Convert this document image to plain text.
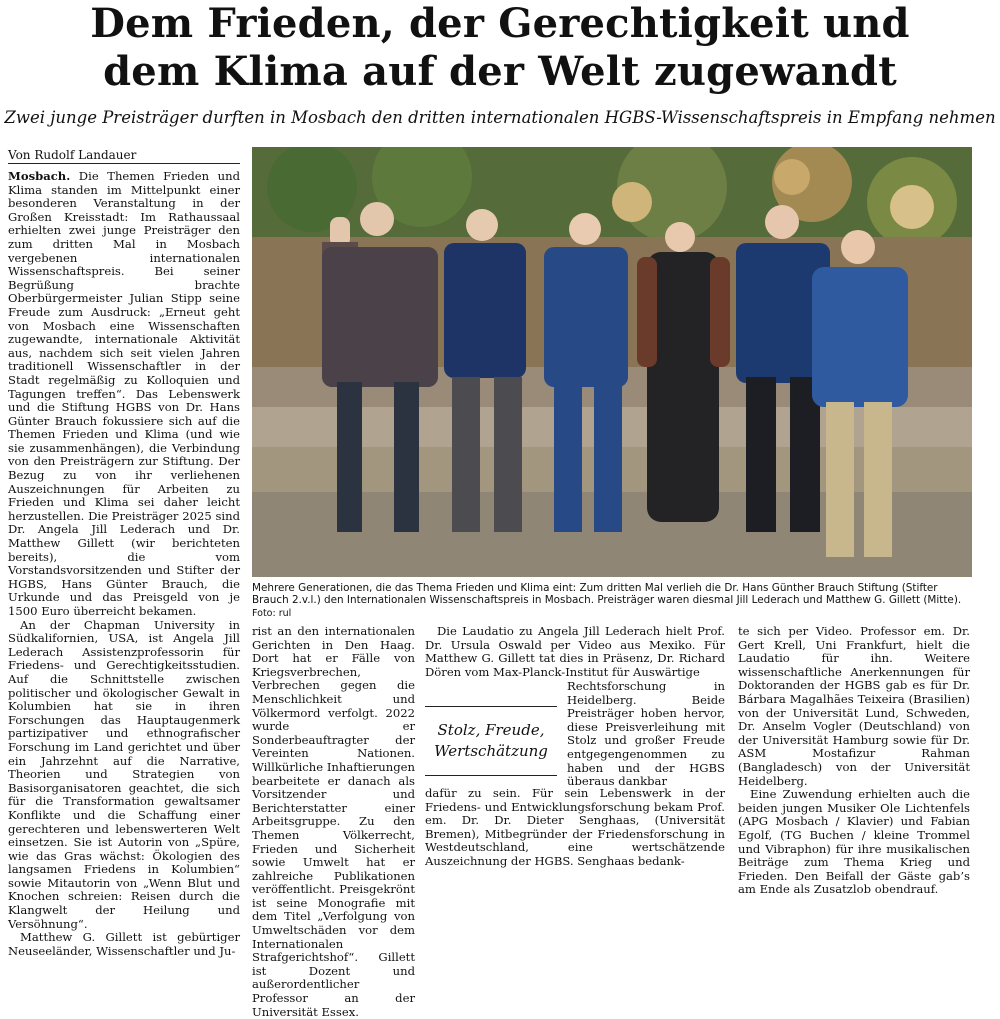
Dem Frieden, der Gerechtigkeit und
dem Klima auf der Welt zugewandt
Zwei junge Preisträger durften in Mosbach den dritten internationalen HGBS-Wissenschaftspreis in Empfang nehmen
Von Rudolf Landauer

Mosbach. Die Themen Frieden und Klima standen im Mittelpunkt einer besonderen Veranstaltung in der Großen Kreisstadt: Im Rathaussaal erhielten zwei junge Preisträger den zum dritten Mal in Mosbach vergebenen internationalen Wissenschaftspreis. Bei seiner Begrüßung brachte Oberbürgermeister Julian Stipp seine Freude zum Ausdruck: „Erneut geht von Mosbach eine Wissenschaften zugewandte, internationale Aktivität aus, nachdem sich seit vielen Jahren traditionell Wissenschaftler in der Stadt regelmäßig zu Kolloquien und Tagungen treffen“. Das Lebenswerk und die Stiftung HGBS von Dr. Hans Günter Brauch fokussiere sich auf die Themen Frieden und Klima (und wie sie zusammenhängen), die Verbindung von den Preisträgern zur Stiftung. Der Bezug zu von ihr verliehenen Auszeichnungen für Arbeiten zu Frieden und Klima sei daher leicht herzustellen. Die Preisträger 2025 sind Dr. Angela Jill Lederach und Dr. Matthew Gillett (wir berichteten bereits), die vom Vorstandsvorsitzenden und Stifter der HGBS, Hans Günter Brauch, die Urkunde und das Preisgeld von je 1500 Euro überreicht bekamen.

An der Chapman University in Südkalifornien, USA, ist Angela Jill Lederach Assistenzprofessorin für Friedens- und Gerechtigkeitsstudien. Auf die Schnittstelle zwischen politischer und ökologischer Gewalt in Kolumbien hat sie in ihren Forschungen das Hauptaugenmerk partizipativer und ethnografischer Forschung im Land gerichtet und über ein Jahrzehnt auf die Narrative, Theorien und Strategien von Basisorganisatoren geachtet, die sich für die Transformation gewaltsamer Konflikte und die Schaffung einer gerechteren und lebenswerteren Welt einsetzen. Sie ist Autorin von „Spüre, wie das Gras wächst: Ökologien des langsamen Friedens in Kolumbien“ sowie Mitautorin von „Wenn Blut und Knochen schreien: Reisen durch die Klangwelt der Heilung und Versöhnung“.

Matthew G. Gillett ist gebürtiger Neuseeländer, Wissenschaftler und Ju-

Mehrere Generationen, die das Thema Frieden und Klima eint: Zum dritten Mal verlieh die Dr. Hans Günther Brauch Stiftung (Stifter Brauch 2.v.l.) den Internationalen Wissenschaftspreis in Mosbach. Preisträger waren diesmal Jill Lederach und Matthew G. Gillett (Mitte). Foto: rul

rist an den internationalen Gerichten in Den Haag. Dort hat er Fälle von Kriegsverbrechen, Verbrechen gegen die Menschlichkeit und Völkermord verfolgt. 2022 wurde er Sonderbeauftragter der Vereinten Nationen. Willkürliche Inhaftierungen bearbeitete er danach als Vorsitzender und Berichterstatter einer Arbeitsgruppe. Zu den Themen Völkerrecht, Frieden und Sicherheit sowie Umwelt hat er zahlreiche Publikationen veröffentlicht. Preisgekrönt ist seine Monografie mit dem Titel „Verfolgung von Umweltschäden vor dem Internationalen Strafgerichtshof“. Gillett ist Dozent und außerordentlicher Professor an der Universität Essex.

Die Laudatio zu Angela Jill Lederach hielt Prof. Dr. Ursula Oswald per Video aus Mexiko. Für Matthew G. Gillett tat dies in Präsenz, Dr. Richard Dören vom Max-Planck-Institut für Auswärtige

Rechtsforschung in Heidelberg. Beide Preisträger hoben hervor, diese Preisverleihung mit Stolz und großer Freude entgegengenommen zu haben und der HGBS überaus dankbar

Stolz, Freude,
Wertschätzung

dafür zu sein. Für sein Lebenswerk in der Friedens- und Entwicklungsforschung bekam Prof. em. Dr. Dr. Dieter Senghaas, (Universität Bremen), Mitbegründer der Friedensforschung in Westdeutschland, eine wertschätzende Auszeichnung der HGBS. Senghaas bedank-

te sich per Video. Professor em. Dr. Gert Krell, Uni Frankfurt, hielt die Laudatio für ihn. Weitere wissenschaftliche Anerkennungen für Doktoranden der HGBS gab es für Dr. Bárbara Magalhães Teixeira (Brasilien) von der Universität Lund, Schweden, Dr. Anselm Vogler (Deutschland) von der Universität Hamburg sowie für Dr. ASM Mostafizur Rahman (Bangladesch) von der Universität Heidelberg.

Eine Zuwendung erhielten auch die beiden jungen Musiker Ole Lichtenfels (APG Mosbach / Klavier) und Fabian Egolf, (TG Buchen / kleine Trommel und Vibraphon) für ihre musikalischen Beiträge zum Thema Krieg und Frieden. Den Beifall der Gäste gab’s am Ende als Zusatzlob obendrauf.
